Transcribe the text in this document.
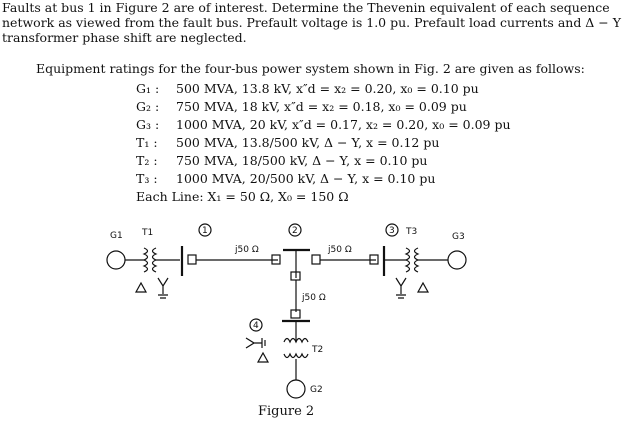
Faults at bus 1 in Figure 2 are of interest. Determine the Thevenin equivalent of each sequence network as viewed from the fault bus. Prefault voltage is 1.0 pu. Prefault load currents and Δ − Y transformer phase shift are neglected.

Equipment ratings for the four-bus power system shown in Fig. 2 are given as follows:
G₁ : 500 MVA, 13.8 kV, x″d = x₂ = 0.20, x₀ = 0.10 pu
G₂ : 750 MVA, 18 kV, x″d = x₂ = 0.18, x₀ = 0.09 pu
G₃ : 1000 MVA, 20 kV, x″d = 0.17, x₂ = 0.20, x₀ = 0.09 pu
T₁ : 500 MVA, 13.8/500 kV, Δ − Y, x = 0.12 pu
T₂ : 750 MVA, 18/500 kV, Δ − Y, x = 0.10 pu
T₃ : 1000 MVA, 20/500 kV, Δ − Y, x = 0.10 pu
Each Line: X₁ = 50 Ω, X₀ = 150 Ω
G1 T1	1
j50 Ω
2
j50 Ω
3 T3	G3
j50 Ω
4
T2
G2
Figure 2
